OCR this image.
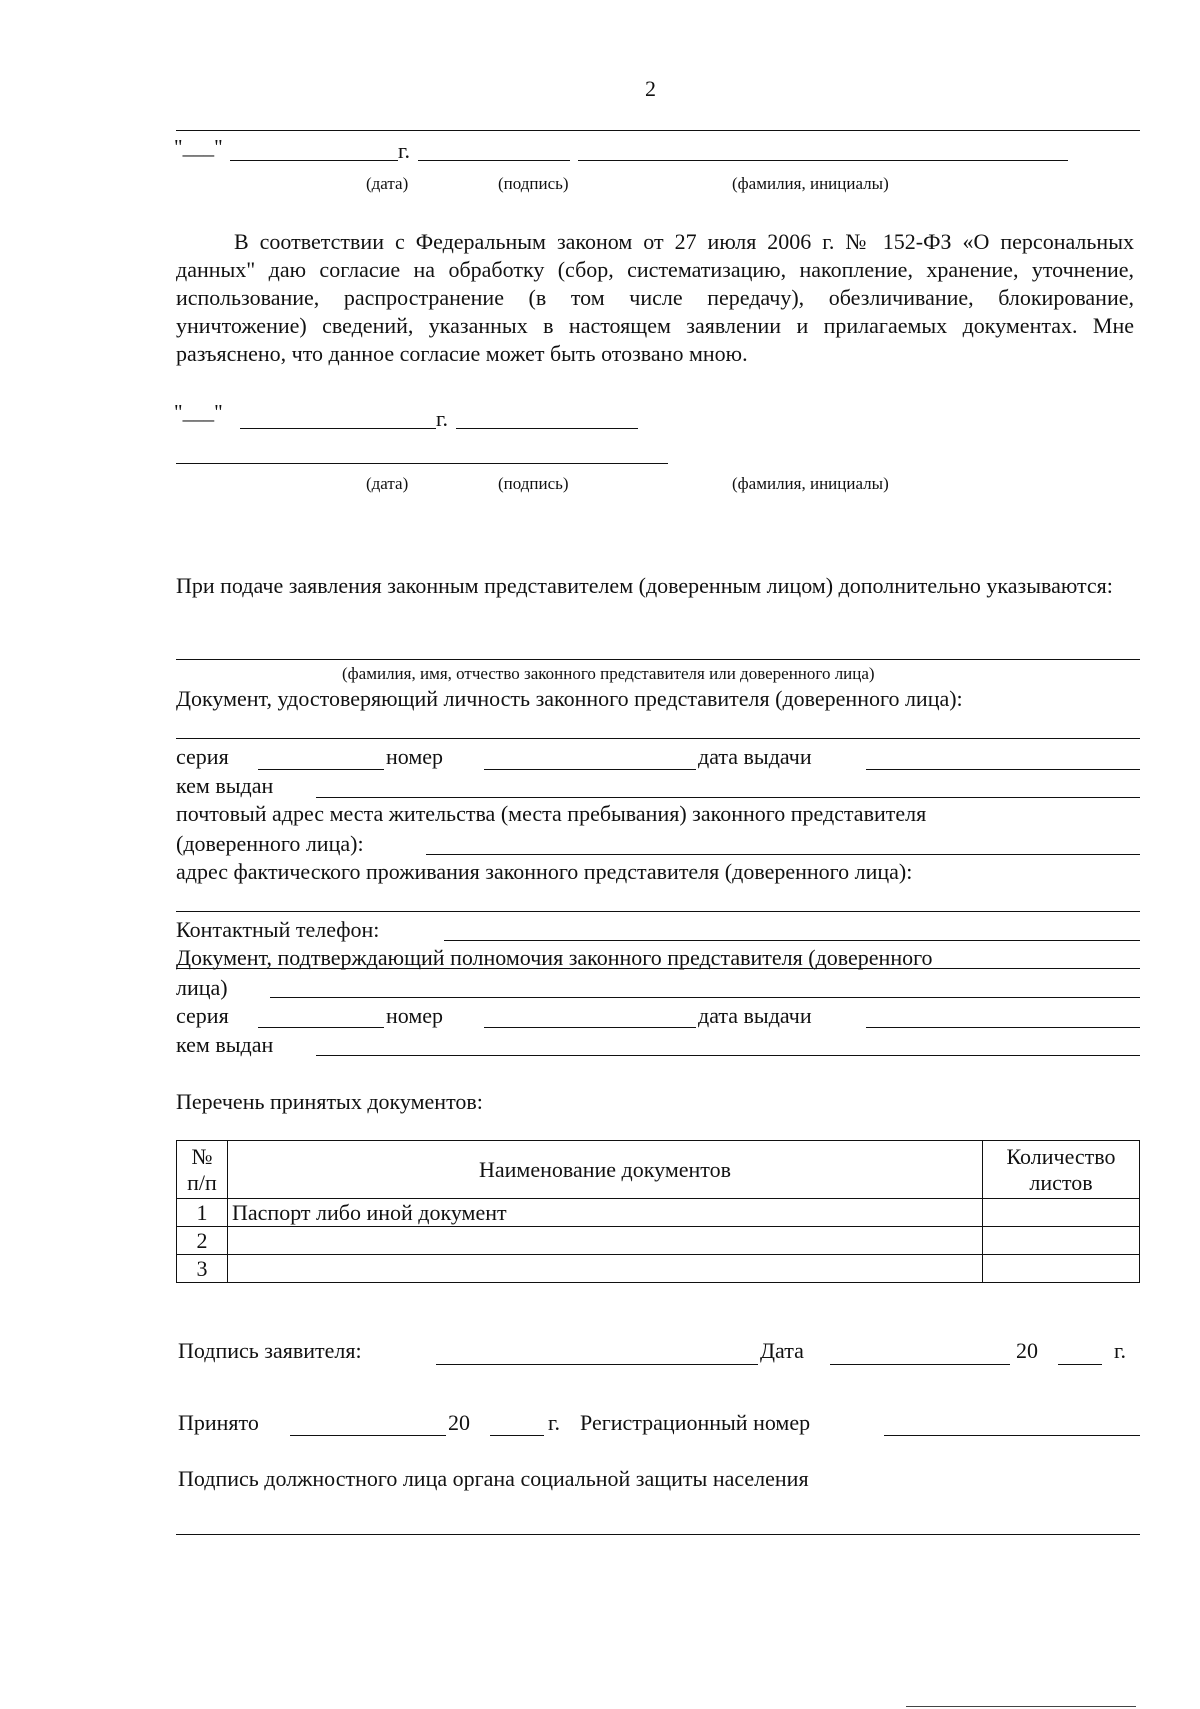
2
"___"	г.
(дата)	(подпись)	(фамилия, инициалы)
В соответствии с Федеральным законом от 27 июля 2006 г. № 152-ФЗ «О персональных данных" даю согласие на обработку (сбор, систематизацию, накопление, хранение, уточнение, использование, распространение (в том числе передачу), обезличивание, блокирование, уничтожение) сведений, указанных в настоящем заявлении и прилагаемых документах. Мне разъяснено, что данное согласие может быть отозвано мною.
"___"	г.
(дата)	(подпись)	(фамилия, инициалы)
При подаче заявления законным представителем (доверенным лицом) дополнительно указываются:
(фамилия, имя, отчество законного представителя или доверенного лица)
Документ, удостоверяющий личность законного представителя (доверенного лица):
серия	номер	дата выдачи
кем выдан
почтовый адрес места жительства (места пребывания) законного представителя
(доверенного лица):
адрес фактического проживания законного представителя (доверенного лица):
Контактный телефон:
Документ, подтверждающий полномочия законного представителя (доверенного
лица)
серия	номер	дата выдачи
кем выдан
Перечень принятых документов:
№ п/п	Наименование документов	Количество листов
1	Паспорт либо иной документ	
2		
3		
Подпись заявителя:	Дата	20	г.
Принято	20	г. Регистрационный номер
Подпись должностного лица органа социальной защиты населения
